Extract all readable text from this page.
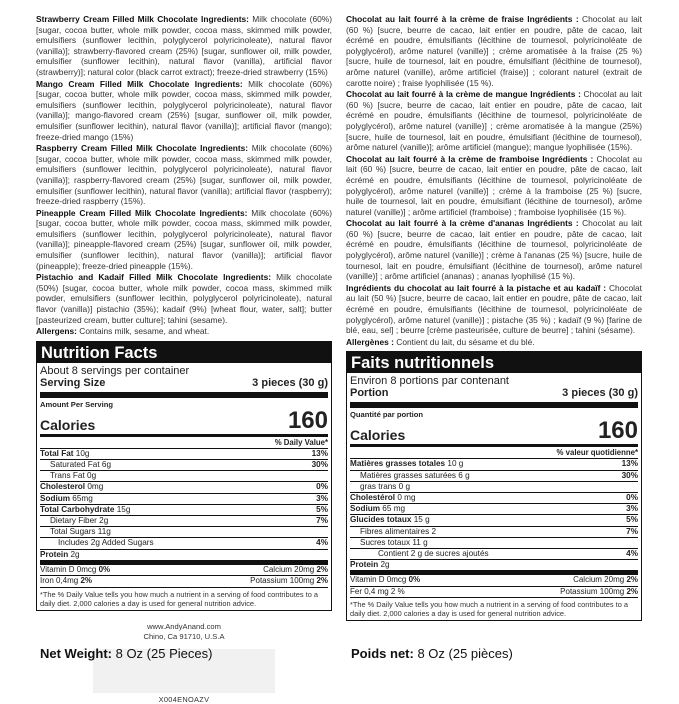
Strawberry Cream Filled Milk Chocolate Ingredients: Milk chocolate (60%) [sugar, cocoa butter, whole milk powder, cocoa mass, skimmed milk powder, emulsifiers (sunflower lecithin, polyglycerol polyricinoleate), natural flavor (vanilla)]; strawberry-flavored cream (25%) [sugar, sunflower oil, milk powder, emulsifier (sunflower lecithin), natural flavor (vanilla), artificial flavor (strawberry)]; natural color (black carrot extract); freeze-dried strawberry (15%)

Mango Cream Filled Milk Chocolate Ingredients: Milk chocolate (60%) [sugar, cocoa butter, whole milk powder, cocoa mass, skimmed milk powder, emulsifiers (sunflower lecithin, polyglycerol polyricinoleate), natural flavor (vanilla)]; mango-flavored cream (25%) [sugar, sunflower oil, milk powder, emulsifier (sunflower lecithin), natural flavor (vanilla)]; artificial flavor (mango); freeze-dried mango (15%)

Raspberry Cream Filled Milk Chocolate Ingredients: Milk chocolate (60%) [sugar, cocoa butter, whole milk powder, cocoa mass, skimmed milk powder, emulsifiers (sunflower lecithin, polyglycerol polyricinoleate), natural flavor (vanilla)]; raspberry-flavored cream (25%) [sugar, sunflower oil, milk powder, emulsifier (sunflower lecithin), natural flavor (vanilla); artificial flavor (raspberry); freeze-dried raspberry (15%).

Pineapple Cream Filled Milk Chocolate Ingredients: Milk chocolate (60%) [sugar, cocoa butter, whole milk powder, cocoa mass, skimmed milk powder, emulsifiers (sunflower lecithin, polyglycerol polyricinoleate), natural flavor (vanilla)]; pineapple-flavored cream (25%) [sugar, sunflower oil, milk powder, emulsifier (sunflower lecithin), natural flavor (vanilla)]; artificial flavor (pineapple); freeze-dried pineapple (15%).

Pistachio and Kadaif Filled Milk Chocolate Ingredients: Milk chocolate (50%) [sugar, cocoa butter, whole milk powder, cocoa mass, skimmed milk powder, emulsifiers (sunflower lecithin, polyglycerol polyricinoleate), natural flavor (vanilla)] pistachio (35%); kadaif (9%) [wheat flour, water, salt]; butter [pasteurized cream, butter culture]; tahini (sesame).

Allergens: Contains milk, sesame, and wheat.

Nutrition Facts
About 8 servings per container
Serving Size	3 pieces (30 g)
Amount Per Serving
Calories	160
% Daily Value*
Total Fat 10g	13%
Saturated Fat 6g	30%
Trans Fat 0g
Cholesterol 0mg	0%
Sodium 65mg	3%
Total Carbohydrate 15g	5%
Dietary Fiber 2g	7%
Total Sugars 11g
Includes 2g Added Sugars	4%
Protein 2g
Vitamin D 0mcg 0%	Calcium 20mg 2%
Iron 0,4mg 2%	Potassium 100mg 2%
*The % Daily Value tells you how much a nutrient in a serving of food contributes to a daily diet. 2,000 calories a day is used for general nutrition advice.
www.AndyAnand.com
Chino, Ca 91710, U.S.A
X004ENOAZV

Chocolat au lait fourré à la crème de fraise Ingrédients : Chocolat au lait (60 %) [sucre, beurre de cacao, lait entier en poudre, pâte de cacao, lait écrémé en poudre, émulsifiants (lécithine de tournesol, polyricinoléate de polyglycérol), arôme naturel (vanille)] ; crème aromatisée à la fraise (25 %) [sucre, huile de tournesol, lait en poudre, émulsifiant (lécithine de tournesol), arôme naturel (vanille), arôme artificiel (fraise)] ; colorant naturel (extrait de carotte noire) ; fraise lyophilisée (15 %).

Chocolat au lait fourré à la crème de mangue Ingrédients : Chocolat au lait (60 %) [sucre, beurre de cacao, lait entier en poudre, pâte de cacao, lait écrémé en poudre, émulsifiants (lécithine de tournesol, polyricinoléate de polyglycérol), arôme naturel (vanille)] ; crème aromatisée à la mangue (25%) [sucre, huile de tournesol, lait en poudre, émulsifiant (lécithine de tournesol), arôme naturel (vanille)]; arôme artificiel (mangue); mangue lyophilisée (15%).

Chocolat au lait fourré à la crème de framboise Ingrédients : Chocolat au lait (60 %) [sucre, beurre de cacao, lait entier en poudre, pâte de cacao, lait écrémé en poudre, émulsifiants (lécithine de tournesol, polyricinoléate de polyglycérol), arôme naturel (vanille)] ; crème à la framboise (25 %) [sucre, huile de tournesol, lait en poudre, émulsifiant (lécithine de tournesol), arôme naturel (vanille)] ; arôme artificiel (framboise) ; framboise lyophilisée (15 %).

Chocolat au lait fourré à la crème d'ananas Ingrédients : Chocolat au lait (60 %) [sucre, beurre de cacao, lait entier en poudre, pâte de cacao, lait écrémé en poudre, émulsifiants (lécithine de tournesol, polyricinoléate de polyglycérol), arôme naturel (vanille)] ; crème à l'ananas (25 %) [sucre, huile de tournesol, lait en poudre, émulsifiant (lécithine de tournesol), arôme naturel (vanille)] ; arôme artificiel (ananas) ; ananas lyophilisé (15 %).

Ingrédients du chocolat au lait fourré à la pistache et au kadaïf : Chocolat au lait (50 %) [sucre, beurre de cacao, lait entier en poudre, pâte de cacao, lait écrémé en poudre, émulsifiants (lécithine de tournesol, polyricinoléate de polyglycérol), arôme naturel (vanille)] ; pistache (35 %) ; kadaïf (9 %) [farine de blé, eau, sel] ; beurre [crème pasteurisée, culture de beurre] ; tahini (sésame).

Allergènes : Contient du lait, du sésame et du blé.

Faits nutritionnels
Environ 8 portions par contenant
Portion	3 pieces (30 g)
Quantité par portion
Calories	160
% valeur quotidienne*
Matières grasses totales 10 g	13%
Matières grasses saturées 6 g	30%
gras trans 0 g
Cholestérol 0 mg	0%
Sodium 65 mg	3%
Glucides totaux 15 g	5%
Fibres alimentaires 2	7%
Sucres totaux 11 g
Contient 2 g de sucres ajoutés	4%
Protein 2g
Vitamin D 0mcg 0%	Calcium 20mg 2%
Fer 0,4 mg 2 %	Potassium 100mg 2%
*The % Daily Value tells you how much a nutrient in a serving of food contributes to a daily diet. 2,000 calories a day is used for general nutrition advice.
Net Weight: 8 Oz (25 Pieces)	Poids net: 8 Oz (25 pièces)
